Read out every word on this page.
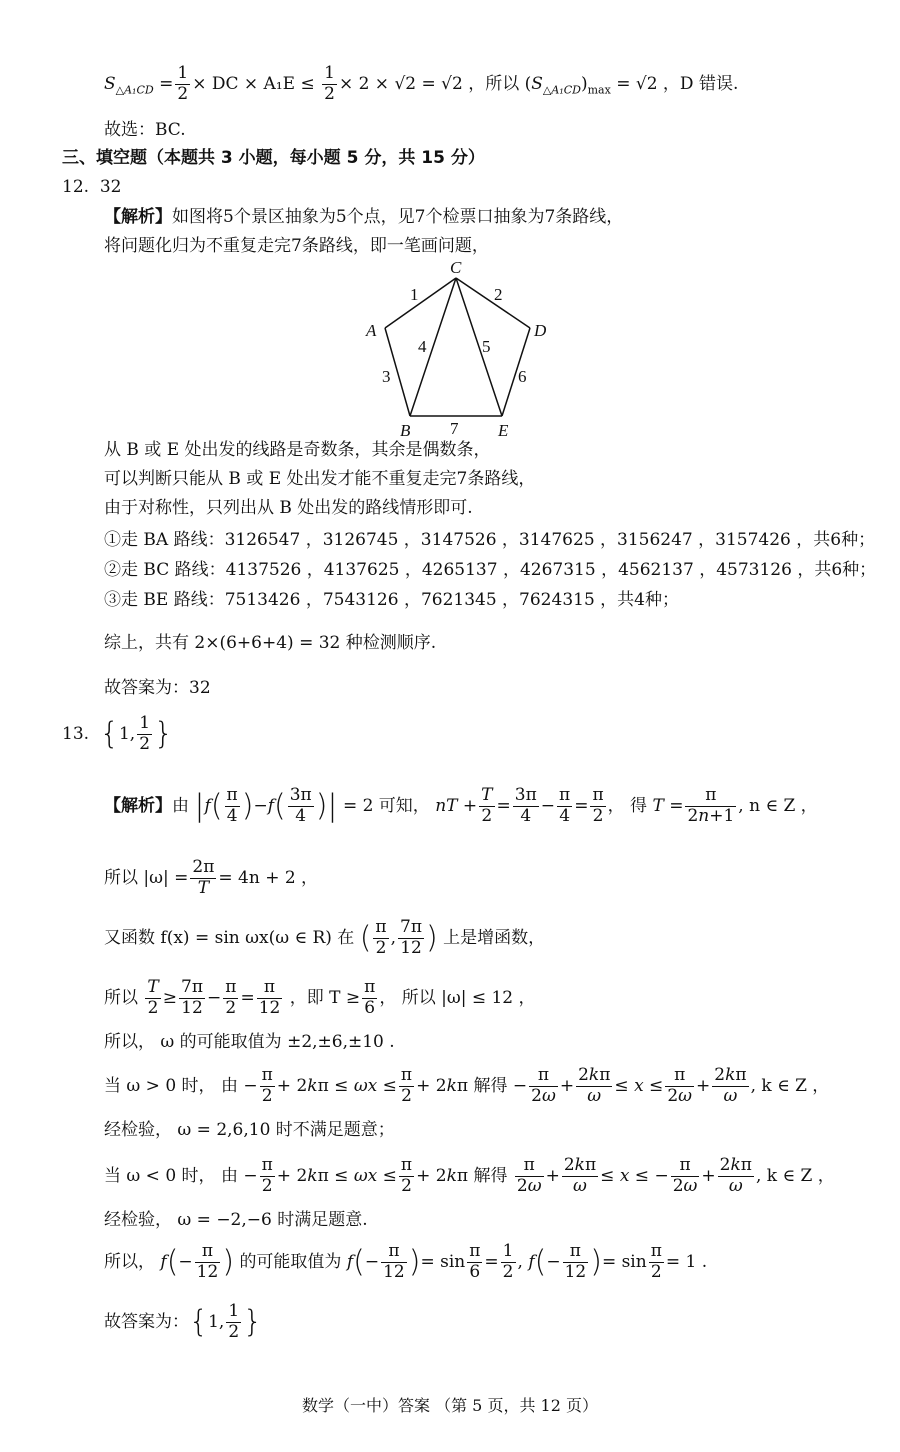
$S_{\triangle A_1CD} = \frac{1}{2}$ × DC × $A_1E \le \frac{1}{2} \times 2 \times √2 = √2$ ，所以 $(S_{\triangle A_1CD})_{max} = √2$ ，D 错误.
故选：BC.
三、填空题（本题共 3 小题，每小题 5 分，共 15 分）
12. 32
【解析】如图将5个景区抽象为5个点，见7个检票口抽象为7条路线，
将问题化归为不重复走完7条路线，即一笔画问题，
C
A	D
B	E
1	2
3
4	5
6
7
从 B 或 E 处出发的线路是奇数条，其余是偶数条，
可以判断只能从 B 或 E 处出发才能不重复走完7条路线，
由于对称性，只列出从 B 处出发的路线情形即可.
①走 BA 路线：3126547 ，3126745 ，3147526 ，3147625 ，3156247 ，3157426 ，共6种；
②走 BC 路线：4137526 ，4137625 ，4265137 ，4267315 ，4562137 ，4573126 ，共6种；
③走 BE 路线：7513426 ，7543126 ，7621345 ，7624315 ，共4种；
综上，共有 2×(6+6+4) = 32 种检测顺序.
故答案为：32
13. {1, $\frac{1}{2}$ }
【解析】由 $|f( \frac{\pi}{4} )-f( \frac{3\pi}{4}$ )| = 2 可知， nT + $\frac{T}{2} = \frac{3\pi}{4} - \frac{\pi}{4} = \frac{\pi}{2}$ ， 得 $T = \frac{\pi}{2n+1}$ , n ∈ Z ，
所以 $|\omega| = \frac{2\pi}{T} = 4n + 2$ ，
又函数 f(x) = sin ωx(ω ∈ R) 在 ( $\frac{\pi}{2}$ , $\frac{7\pi}{12}$ ) 上是增函数，
所以 $\frac{T}{2} \ge \frac{7\pi}{12} - \frac{\pi}{2} = \frac{\pi}{12}$ ，即 $T \ge \frac{\pi}{6}$ ， 所以 |ω| ≤ 12 ，
所以， ω 的可能取值为 ±2,±6,±10 .
当 ω > 0 时， 由 − $\frac{\pi}{2} + 2k\pi \le \omega x \le \frac{\pi}{2} + 2k\pi$ 解得 − $\frac{\pi}{2\omega} + \frac{2k\pi}{\omega} \le x \le \frac{\pi}{2\omega} + \frac{2k\pi}{\omega}$ , k ∈ Z ，
经检验， ω = 2,6,10 时不满足题意；
当 ω < 0 时， 由 − $\frac{\pi}{2} + 2k\pi \le \omega x \le \frac{\pi}{2} + 2k\pi$ 解得 $\frac{\pi}{2\omega} + \frac{2k\pi}{\omega} \le x$ ≤ − $\frac{\pi}{2\omega} + \frac{2k\pi}{\omega}$ , k ∈ Z ，
经检验， ω = −2,−6 时满足题意.
所以， $f(- \frac{\pi}{12}$ ) 的可能取值为 $f(- \frac{\pi}{12}$ )= $\sin \frac{\pi}{6} = \frac{1}{2}$ , $f(- \frac{\pi}{12}$ )= $\sin \frac{\pi}{2} = 1$ .
故答案为：{1, $\frac{1}{2}$ }
数学（一中）答案 （第 5 页，共 12 页）
